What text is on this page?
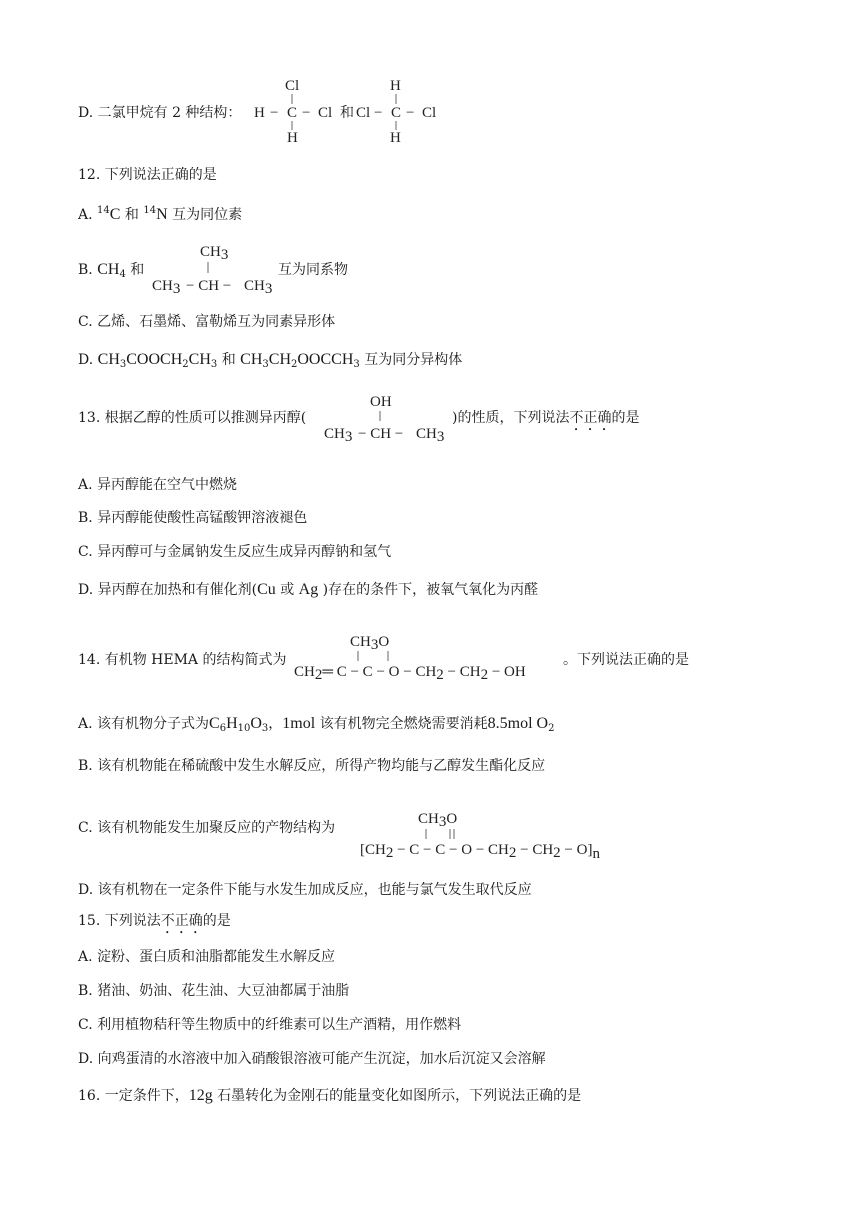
D. 二氯甲烷有 2 种结构：
Cl
H − C − Cl
H
和
H
Cl − C − Cl
H
12. 下列说法正确的是
A. $^{14}$C 和 $^{14}$N 互为同位素
B. $CH_4$ 和
CH3
CH3 − CH − CH3
互为同系物
C. 乙烯、石墨烯、富勒烯互为同素异形体
D. $CH_3COOCH_2CH_3$ 和 $CH_3CH_2OOCCH_3$ 互为同分异构体
13. 根据乙醇的性质可以推测异丙醇(
OH
CH3 − CH − CH3
)的性质，下列说法不正确的是
A. 异丙醇能在空气中燃烧
B. 异丙醇能使酸性高锰酸钾溶液褪色
C. 异丙醇可与金属钠发生反应生成异丙醇钠和氢气
D. 异丙醇在加热和有催化剂(Cu 或 Ag )存在的条件下，被氧气氧化为丙醛
14. 有机物 HEMA 的结构简式为
CH3O
CH2═ C − C − O − CH2 − CH2 − OH
。下列说法正确的是
A. 该有机物分子式为$C_6H_{10}O_3$，1mol 该有机物完全燃烧需要消耗8.5mol $O_2$
B. 该有机物能在稀硫酸中发生水解反应，所得产物均能与乙醇发生酯化反应
C. 该有机物能发生加聚反应的产物结构为
CH3O
[CH2 − C − C − O − CH2 − CH2 − O]n
D. 该有机物在一定条件下能与水发生加成反应，也能与氯气发生取代反应
15. 下列说法不正确的是
A. 淀粉、蛋白质和油脂都能发生水解反应
B. 猪油、奶油、花生油、大豆油都属于油脂
C. 利用植物秸秆等生物质中的纤维素可以生产酒精，用作燃料
D. 向鸡蛋清的水溶液中加入硝酸银溶液可能产生沉淀，加水后沉淀又会溶解
16. 一定条件下，12g 石墨转化为金刚石的能量变化如图所示，下列说法正确的是
